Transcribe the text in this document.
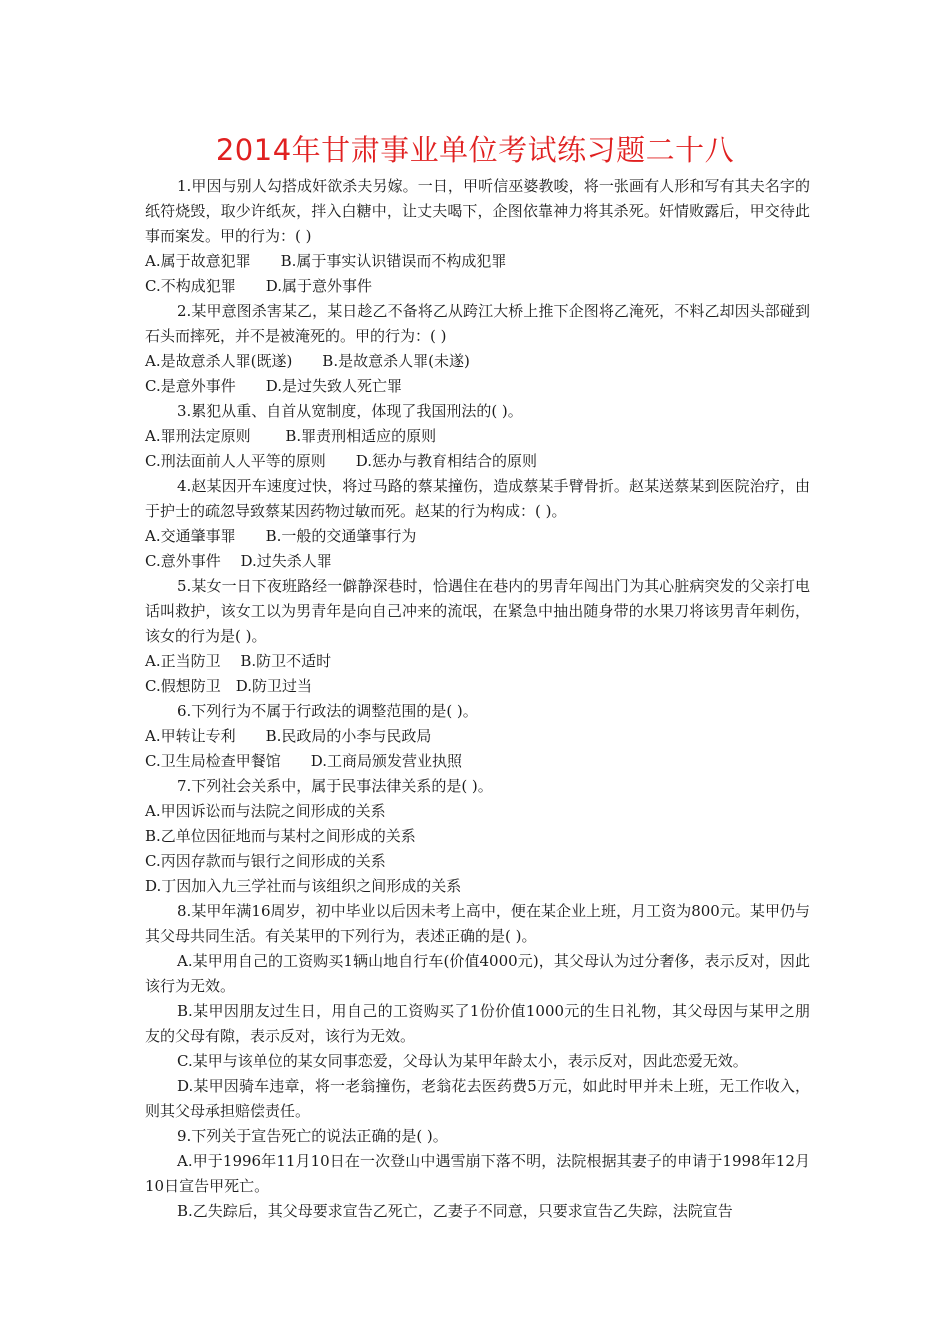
2014年甘肃事业单位考试练习题二十八

1.甲因与别人勾搭成奸欲杀夫另嫁。一日，甲听信巫婆教唆，将一张画有人形和写有其夫名字的纸符烧毁，取少许纸灰，拌入白糖中，让丈夫喝下，企图依靠神力将其杀死。奸情败露后，甲交待此事而案发。甲的行为：( )

A.属于故意犯罪　　B.属于事实认识错误而不构成犯罪

C.不构成犯罪　　D.属于意外事件

2.某甲意图杀害某乙，某日趁乙不备将乙从跨江大桥上推下企图将乙淹死，不料乙却因头部碰到石头而摔死，并不是被淹死的。甲的行为：( )

A.是故意杀人罪(既遂)　　B.是故意杀人罪(未遂)

C.是意外事件　　D.是过失致人死亡罪

3.累犯从重、自首从宽制度，体现了我国刑法的( )。

A.罪刑法定原则　　 B.罪责刑相适应的原则

C.刑法面前人人平等的原则　　D.惩办与教育相结合的原则

4.赵某因开车速度过快，将过马路的蔡某撞伤，造成蔡某手臂骨折。赵某送蔡某到医院治疗，由于护士的疏忽导致蔡某因药物过敏而死。赵某的行为构成：( )。

A.交通肇事罪　　B.一般的交通肇事行为

C.意外事件　 D.过失杀人罪

5.某女一日下夜班路经一僻静深巷时，恰遇住在巷内的男青年闯出门为其心脏病突发的父亲打电话叫救护，该女工以为男青年是向自己冲来的流氓，在紧急中抽出随身带的水果刀将该男青年刺伤，该女的行为是( )。

A.正当防卫　 B.防卫不适时

C.假想防卫　D.防卫过当

6.下列行为不属于行政法的调整范围的是( )。

A.甲转让专利　　B.民政局的小李与民政局

C.卫生局检查甲餐馆　　D.工商局颁发营业执照

7.下列社会关系中，属于民事法律关系的是( )。

A.甲因诉讼而与法院之间形成的关系

B.乙单位因征地而与某村之间形成的关系

C.丙因存款而与银行之间形成的关系

D.丁因加入九三学社而与该组织之间形成的关系

8.某甲年满16周岁，初中毕业以后因未考上高中，便在某企业上班，月工资为800元。某甲仍与其父母共同生活。有关某甲的下列行为，表述正确的是( )。

A.某甲用自己的工资购买1辆山地自行车(价值4000元)，其父母认为过分奢侈，表示反对，因此该行为无效。

B.某甲因朋友过生日，用自己的工资购买了1份价值1000元的生日礼物，其父母因与某甲之朋友的父母有隙，表示反对，该行为无效。

C.某甲与该单位的某女同事恋爱，父母认为某甲年龄太小，表示反对，因此恋爱无效。

D.某甲因骑车违章，将一老翁撞伤，老翁花去医药费5万元，如此时甲并未上班，无工作收入，则其父母承担赔偿责任。

9.下列关于宣告死亡的说法正确的是( )。

A.甲于1996年11月10日在一次登山中遇雪崩下落不明，法院根据其妻子的申请于1998年12月10日宣告甲死亡。

B.乙失踪后，其父母要求宣告乙死亡，乙妻子不同意，只要求宣告乙失踪，法院宣告
